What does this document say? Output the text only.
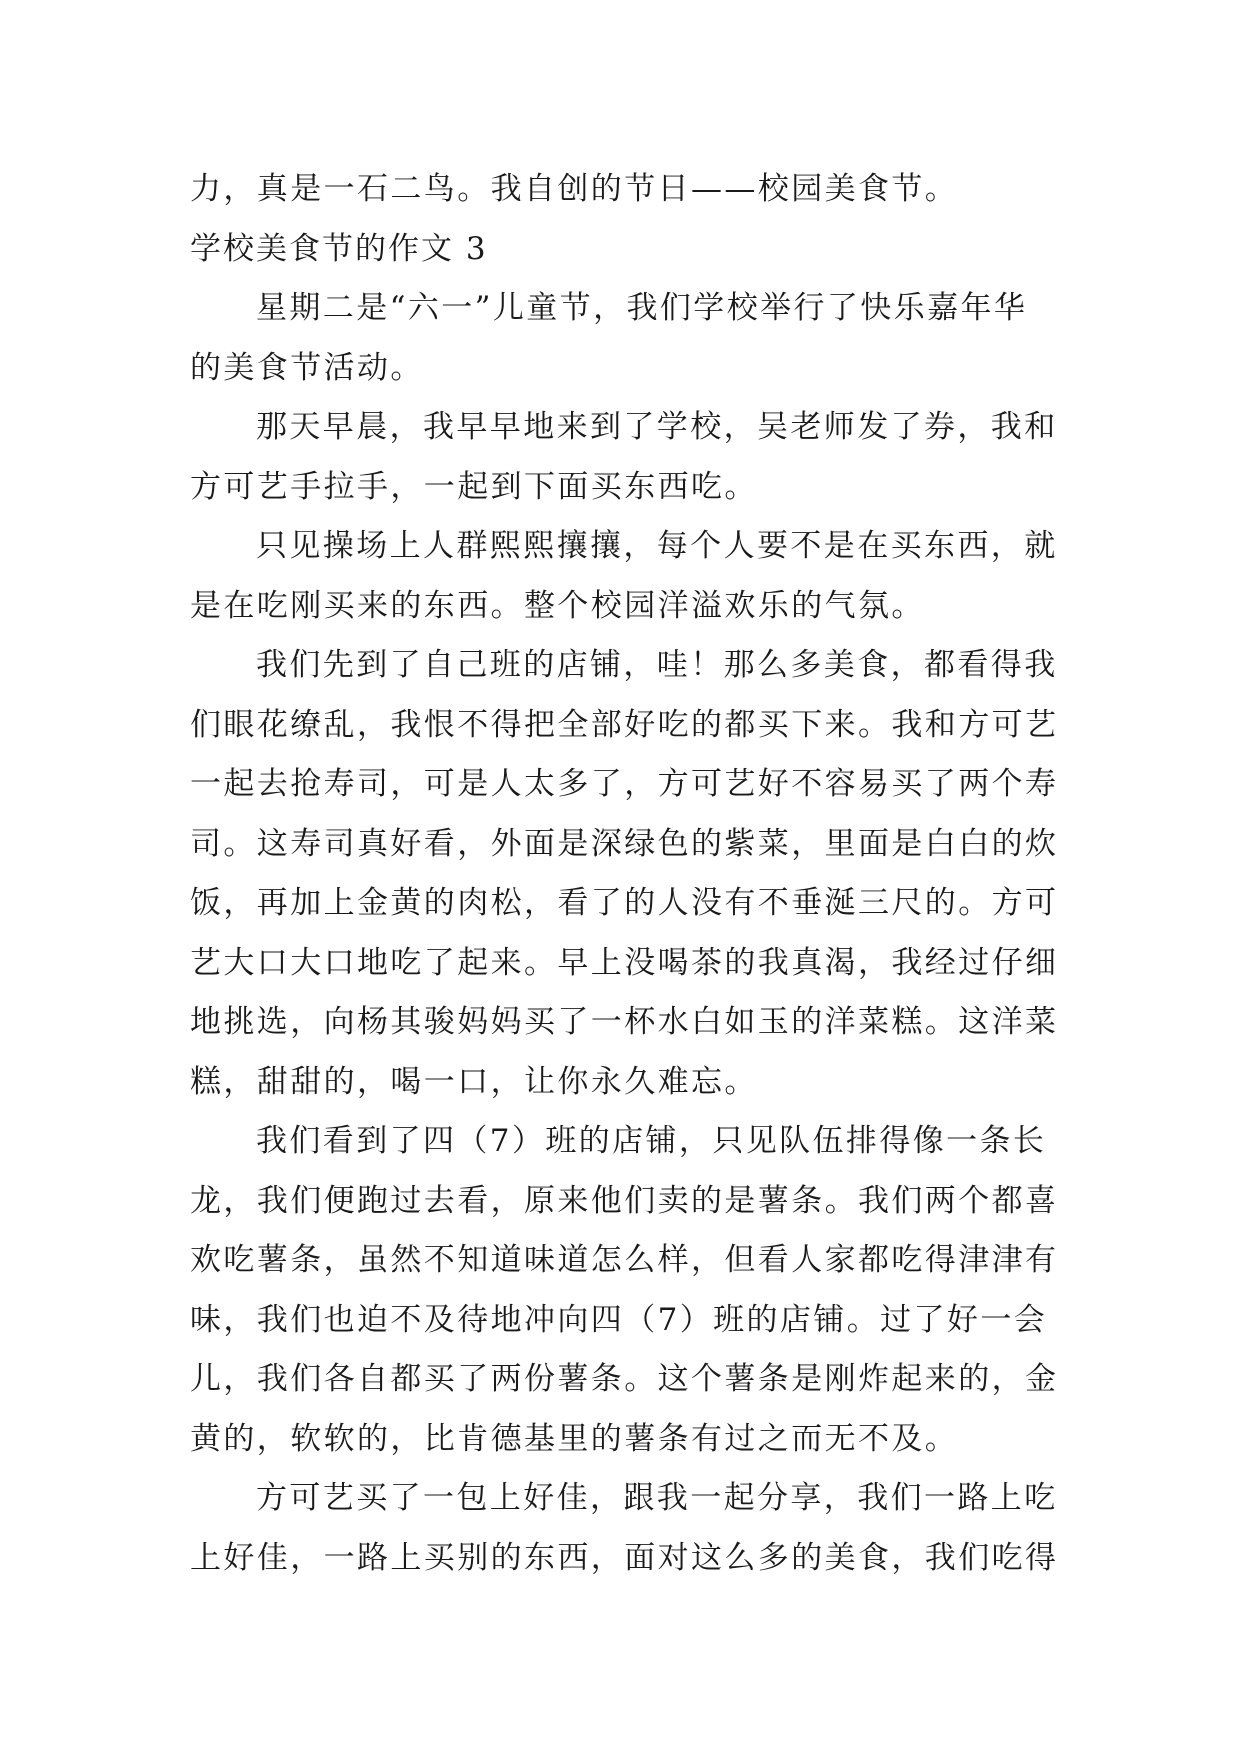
力，真是一石二鸟。我自创的节日——校园美食节。
学校美食节的作文 3
星期二是“六一”儿童节，我们学校举行了快乐嘉年华
的美食节活动。
那天早晨，我早早地来到了学校，吴老师发了券，我和
方可艺手拉手，一起到下面买东西吃。
只见操场上人群熙熙攘攘，每个人要不是在买东西，就
是在吃刚买来的东西。整个校园洋溢欢乐的气氛。
我们先到了自己班的店铺，哇！那么多美食，都看得我
们眼花缭乱，我恨不得把全部好吃的都买下来。我和方可艺
一起去抢寿司，可是人太多了，方可艺好不容易买了两个寿
司。这寿司真好看，外面是深绿色的紫菜，里面是白白的炊
饭，再加上金黄的肉松，看了的人没有不垂涎三尺的。方可
艺大口大口地吃了起来。早上没喝茶的我真渴，我经过仔细
地挑选，向杨其骏妈妈买了一杯水白如玉的洋菜糕。这洋菜
糕，甜甜的，喝一口，让你永久难忘。
我们看到了四（7）班的店铺，只见队伍排得像一条长
龙，我们便跑过去看，原来他们卖的是薯条。我们两个都喜
欢吃薯条，虽然不知道味道怎么样，但看人家都吃得津津有
味，我们也迫不及待地冲向四（7）班的店铺。过了好一会
儿，我们各自都买了两份薯条。这个薯条是刚炸起来的，金
黄的，软软的，比肯德基里的薯条有过之而无不及。
方可艺买了一包上好佳，跟我一起分享，我们一路上吃
上好佳，一路上买别的东西，面对这么多的美食，我们吃得
